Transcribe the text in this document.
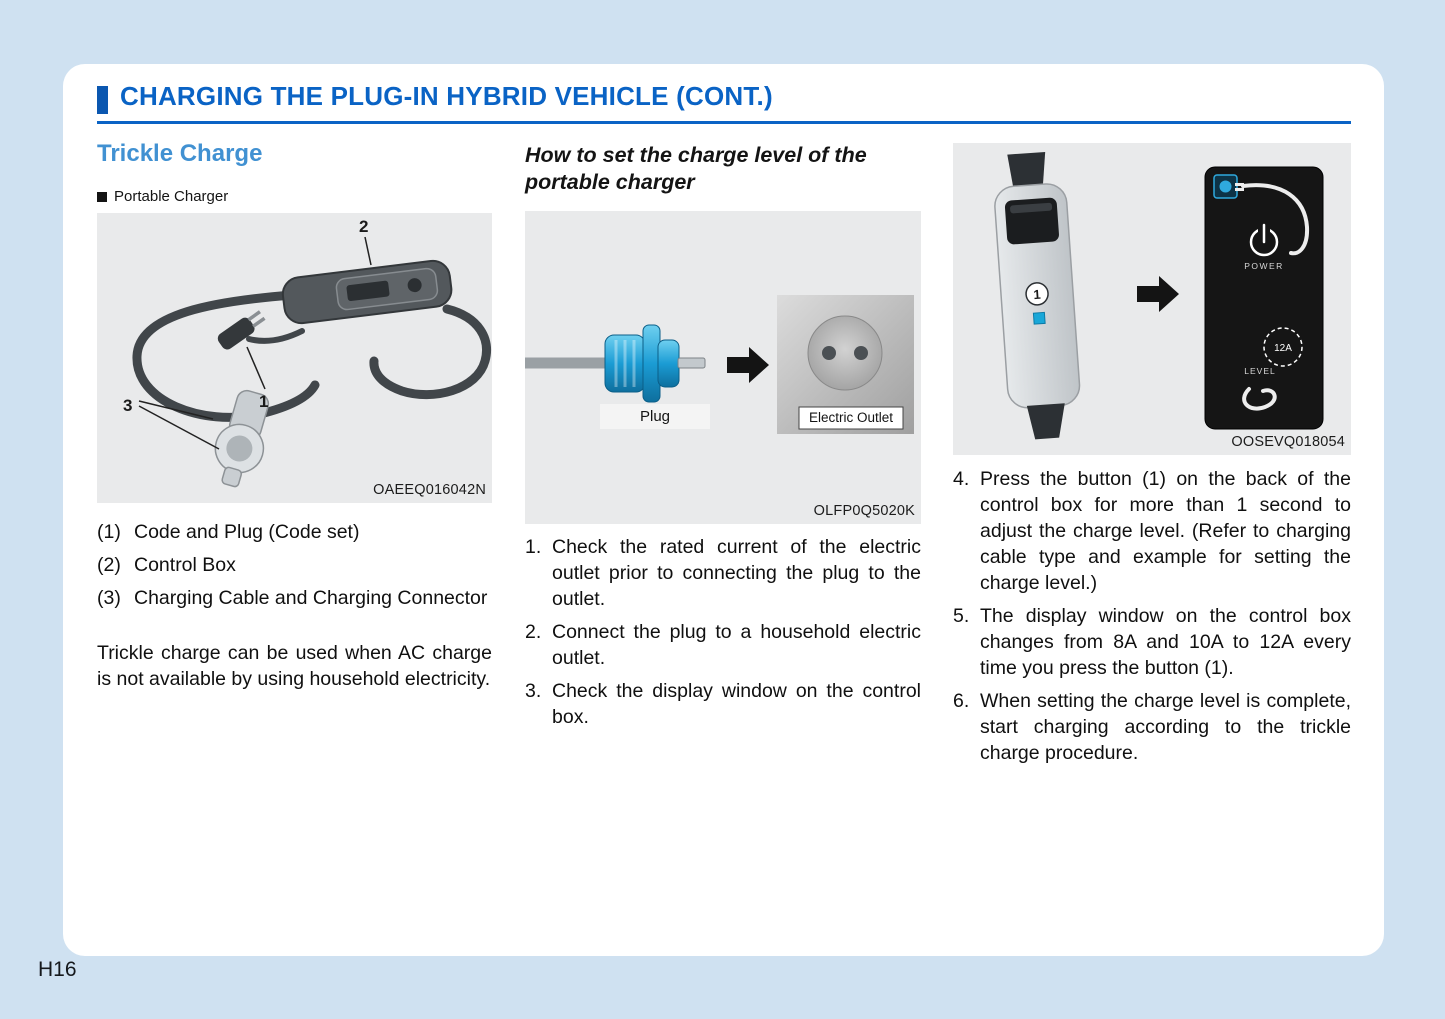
CHARGING THE PLUG-IN HYBRID VEHICLE (CONT.)
Trickle Charge
Portable Charger
2
1
3
OAEEQ016042N
(1) Code and Plug (Code set)
(2) Control Box
(3) Charging Cable and Charging Connector

Trickle charge can be used when AC charge is not available by using household electricity.

How to set the charge level of the portable charger
Plug	Electric Outlet
OLFP0Q5020K
1. Check the rated current of the electric outlet prior to connecting the plug to the outlet.
2. Connect the plug to a household electric outlet.
3. Check the display window on the control box.
1
POWER
12A
LEVEL
OOSEVQ018054
4. Press the button (1) on the back of the control box for more than 1 second to adjust the charge level. (Refer to charging cable type and example for setting the charge level.)
5. The display window on the control box changes from 8A and 10A to 12A every time you press the button (1).
6. When setting the charge level is complete, start charging according to the trickle charge procedure.
H16
